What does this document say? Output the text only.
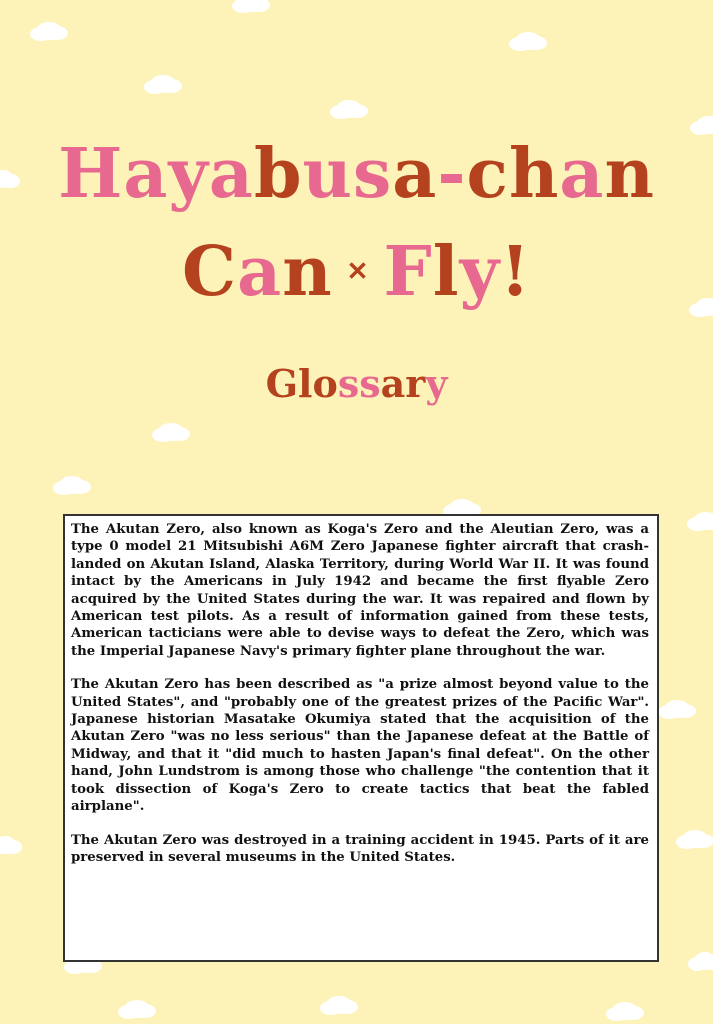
Hayabusa-chan
Can ✕ Fly!
Glossary

The Akutan Zero, also known as Koga's Zero and the Aleutian Zero, was a type 0 model 21 Mitsubishi A6M Zero Japanese fighter aircraft that crash-landed on Akutan Island, Alaska Territory, during World War II. It was found intact by the Americans in July 1942 and became the first flyable Zero acquired by the United States during the war. It was repaired and flown by American test pilots. As a result of information gained from these tests, American tacticians were able to devise ways to defeat the Zero, which was the Imperial Japanese Navy's primary fighter plane throughout the war.

The Akutan Zero has been described as "a prize almost beyond value to the United States", and "probably one of the greatest prizes of the Pacific War". Japanese historian Masatake Okumiya stated that the acquisition of the Akutan Zero "was no less serious" than the Japanese defeat at the Battle of Midway, and that it "did much to hasten Japan's final defeat". On the other hand, John Lundstrom is among those who challenge "the contention that it took dissection of Koga's Zero to create tactics that beat the fabled airplane".

The Akutan Zero was destroyed in a training accident in 1945. Parts of it are preserved in several museums in the United States.
